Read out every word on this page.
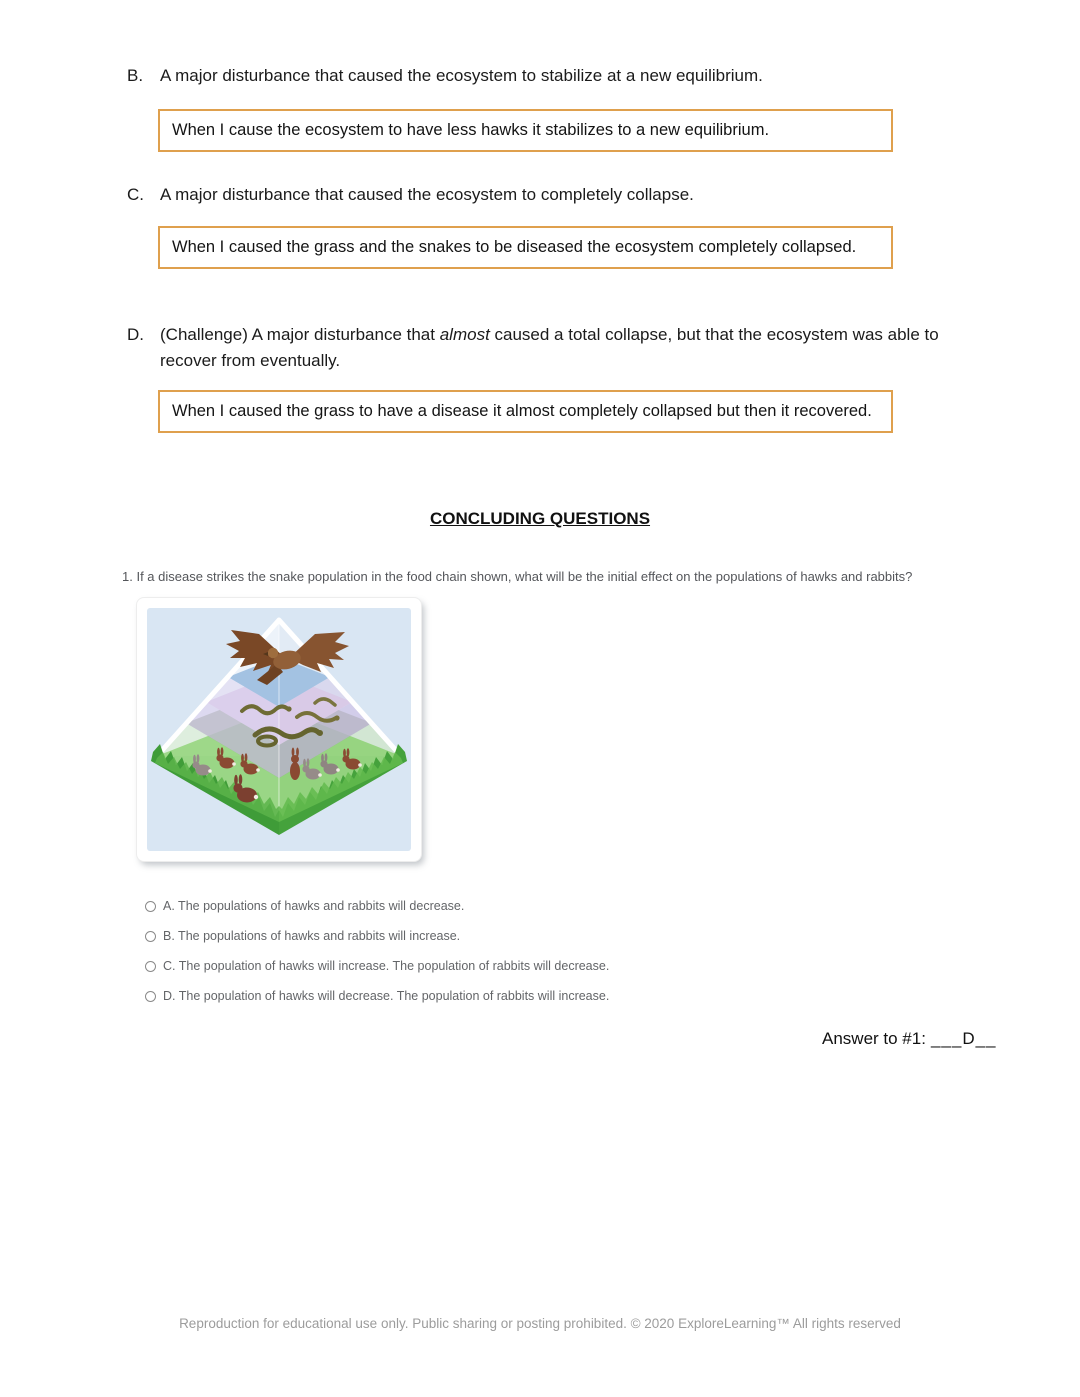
B. A major disturbance that caused the ecosystem to stabilize at a new equilibrium.
When I cause the ecosystem to have less hawks it stabilizes to a new equilibrium.
C. A major disturbance that caused the ecosystem to completely collapse.
When I caused the grass and the snakes to be diseased the ecosystem completely collapsed.
D. (Challenge) A major disturbance that almost caused a total collapse, but that the ecosystem was able to recover from eventually.
When I caused the grass to have a disease it almost completely collapsed but then it recovered.
CONCLUDING QUESTIONS
1. If a disease strikes the snake population in the food chain shown, what will be the initial effect on the populations of hawks and rabbits?
A. The populations of hawks and rabbits will decrease.
B. The populations of hawks and rabbits will increase.
C. The population of hawks will increase. The population of rabbits will decrease.
D. The population of hawks will decrease. The population of rabbits will increase.
Answer to #1: ___D__
Reproduction for educational use only. Public sharing or posting prohibited. © 2020 ExploreLearning™ All rights reserved
